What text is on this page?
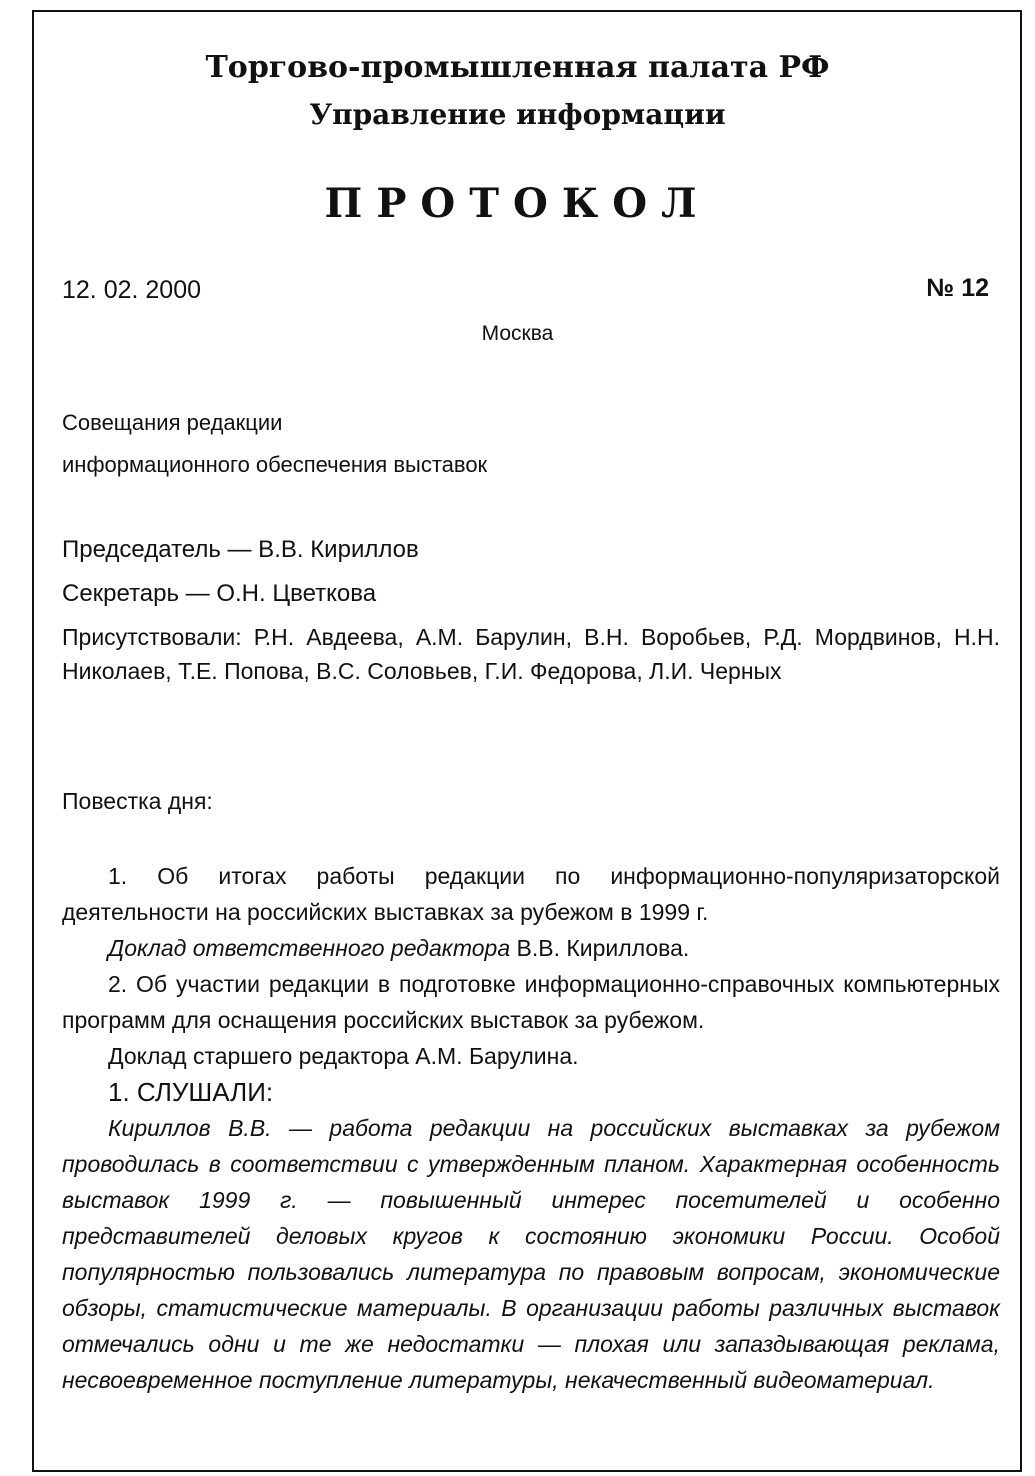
Торгово-промышленная палата РФ
Управление информации
ПРОТОКОЛ
12. 02. 2000	№ 12
Москва
Совещания редакции
информационного обеспечения выставок
Председатель — В.В. Кириллов
Секретарь — О.Н. Цветкова
Присутствовали: Р.Н. Авдеева, А.М. Барулин, В.Н. Воробьев, Р.Д. Мордвинов, Н.Н. Николаев, Т.Е. Попова, В.С. Соловьев, Г.И. Федорова, Л.И. Черных
Повестка дня:

1. Об итогах работы редакции по информационно-популяризаторской деятельности на российских выставках за рубежом в 1999 г.

Доклад ответственного редактора В.В. Кириллова.

2. Об участии редакции в подготовке информационно-справочных компьютерных программ для оснащения российских выставок за рубежом.

Доклад старшего редактора А.М. Барулина.

1. СЛУШАЛИ:

Кириллов В.В. — работа редакции на российских выставках за рубежом проводилась в соответствии с утвержденным планом. Характерная особенность выставок 1999 г. — повышенный интерес посетителей и особенно представителей деловых кругов к состоянию экономики России. Особой популярностью пользовались литература по правовым вопросам, экономические обзоры, статистические материалы. В организации работы различных выставок отмечались одни и те же недостатки — плохая или запаздывающая реклама, несвоевременное поступление литературы, некачественный видеоматериал.
